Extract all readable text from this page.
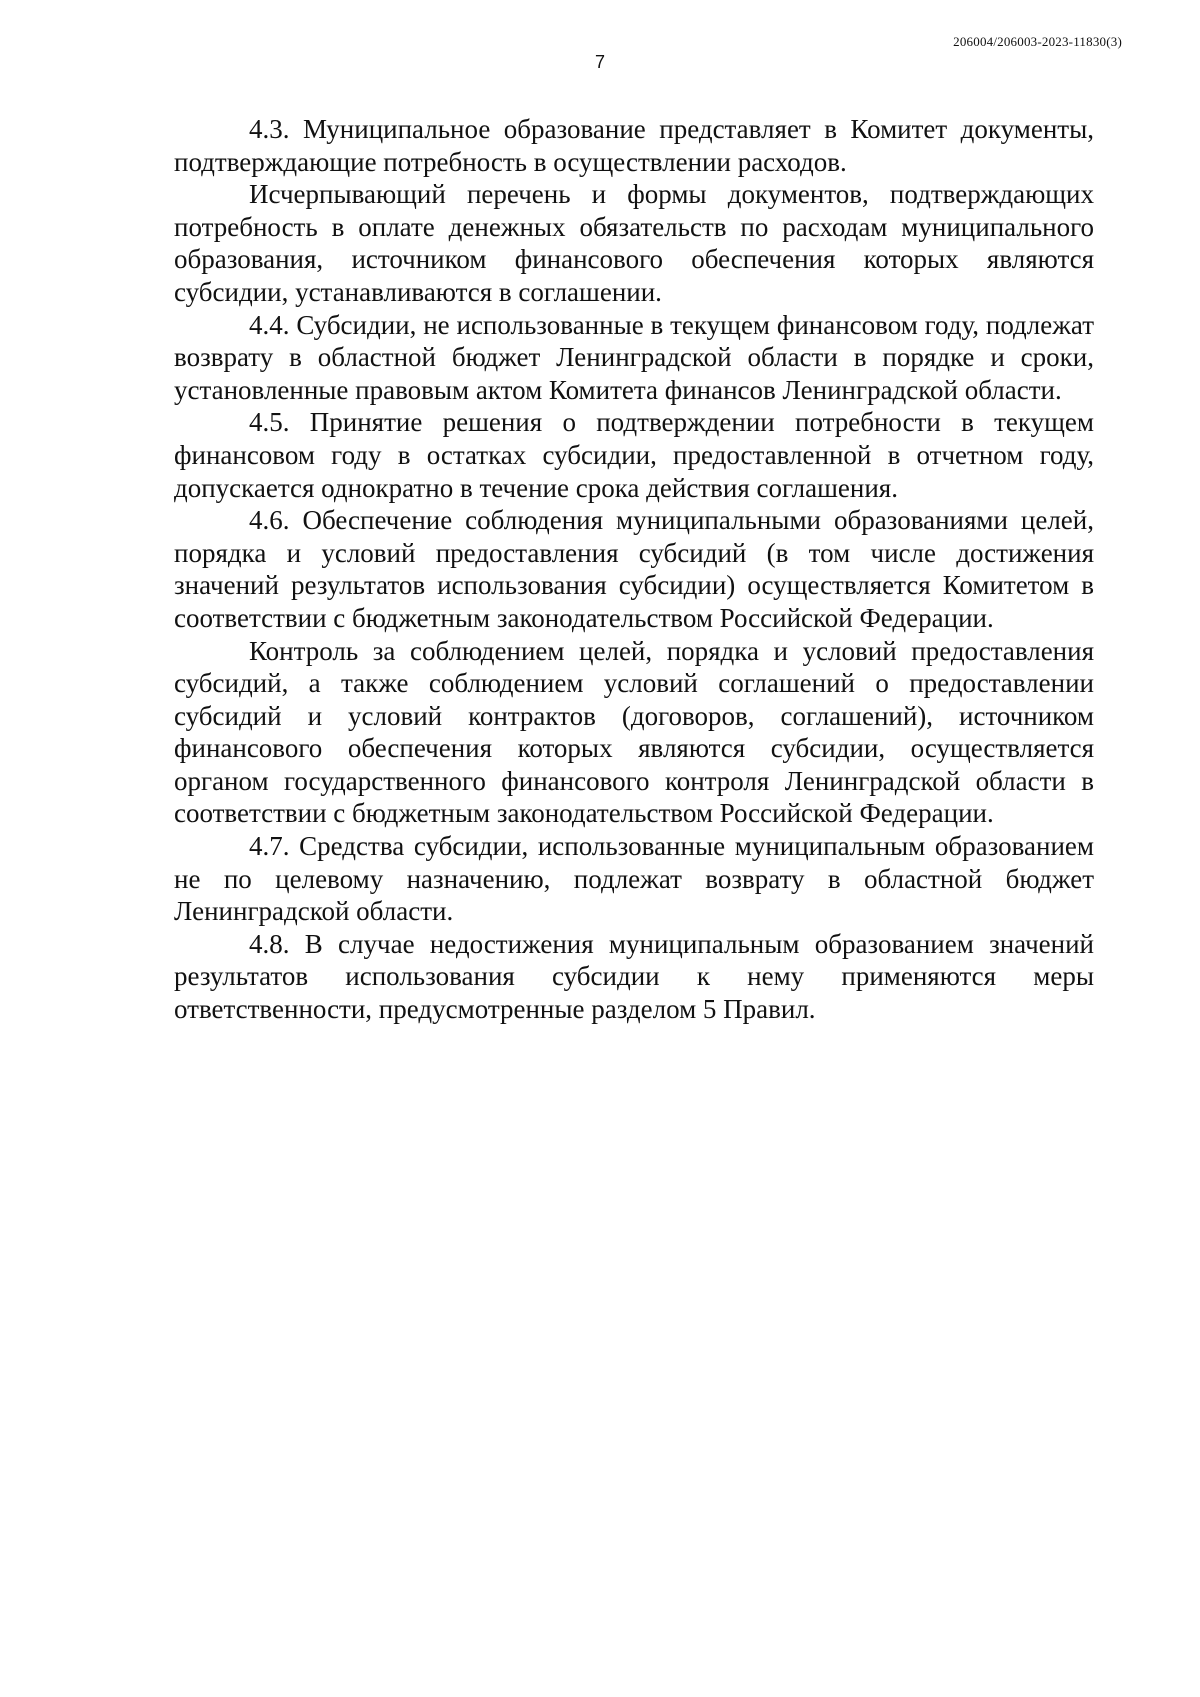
206004/206003-2023-11830(3)
7

4.3. Муниципальное образование представляет в Комитет документы, подтверждающие потребность в осуществлении расходов.

Исчерпывающий перечень и формы документов, подтверждающих потребность в оплате денежных обязательств по расходам муниципального образования, источником финансового обеспечения которых являются субсидии, устанавливаются в соглашении.

4.4. Субсидии, не использованные в текущем финансовом году, подлежат возврату в областной бюджет Ленинградской области в порядке и сроки, установленные правовым актом Комитета финансов Ленинградской области.

4.5. Принятие решения о подтверждении потребности в текущем финансовом году в остатках субсидии, предоставленной в отчетном году, допускается однократно в течение срока действия соглашения.

4.6. Обеспечение соблюдения муниципальными образованиями целей, порядка и условий предоставления субсидий (в том числе достижения значений результатов использования субсидии) осуществляется Комитетом в соответствии с бюджетным законодательством Российской Федерации.

Контроль за соблюдением целей, порядка и условий предоставления субсидий, а также соблюдением условий соглашений о предоставлении субсидий и условий контрактов (договоров, соглашений), источником финансового обеспечения которых являются субсидии, осуществляется органом государственного финансового контроля Ленинградской области в соответствии с бюджетным законодательством Российской Федерации.

4.7. Средства субсидии, использованные муниципальным образованием не по целевому назначению, подлежат возврату в областной бюджет Ленинградской области.

4.8. В случае недостижения муниципальным образованием значений результатов использования субсидии к нему применяются меры ответственности, предусмотренные разделом 5 Правил.
